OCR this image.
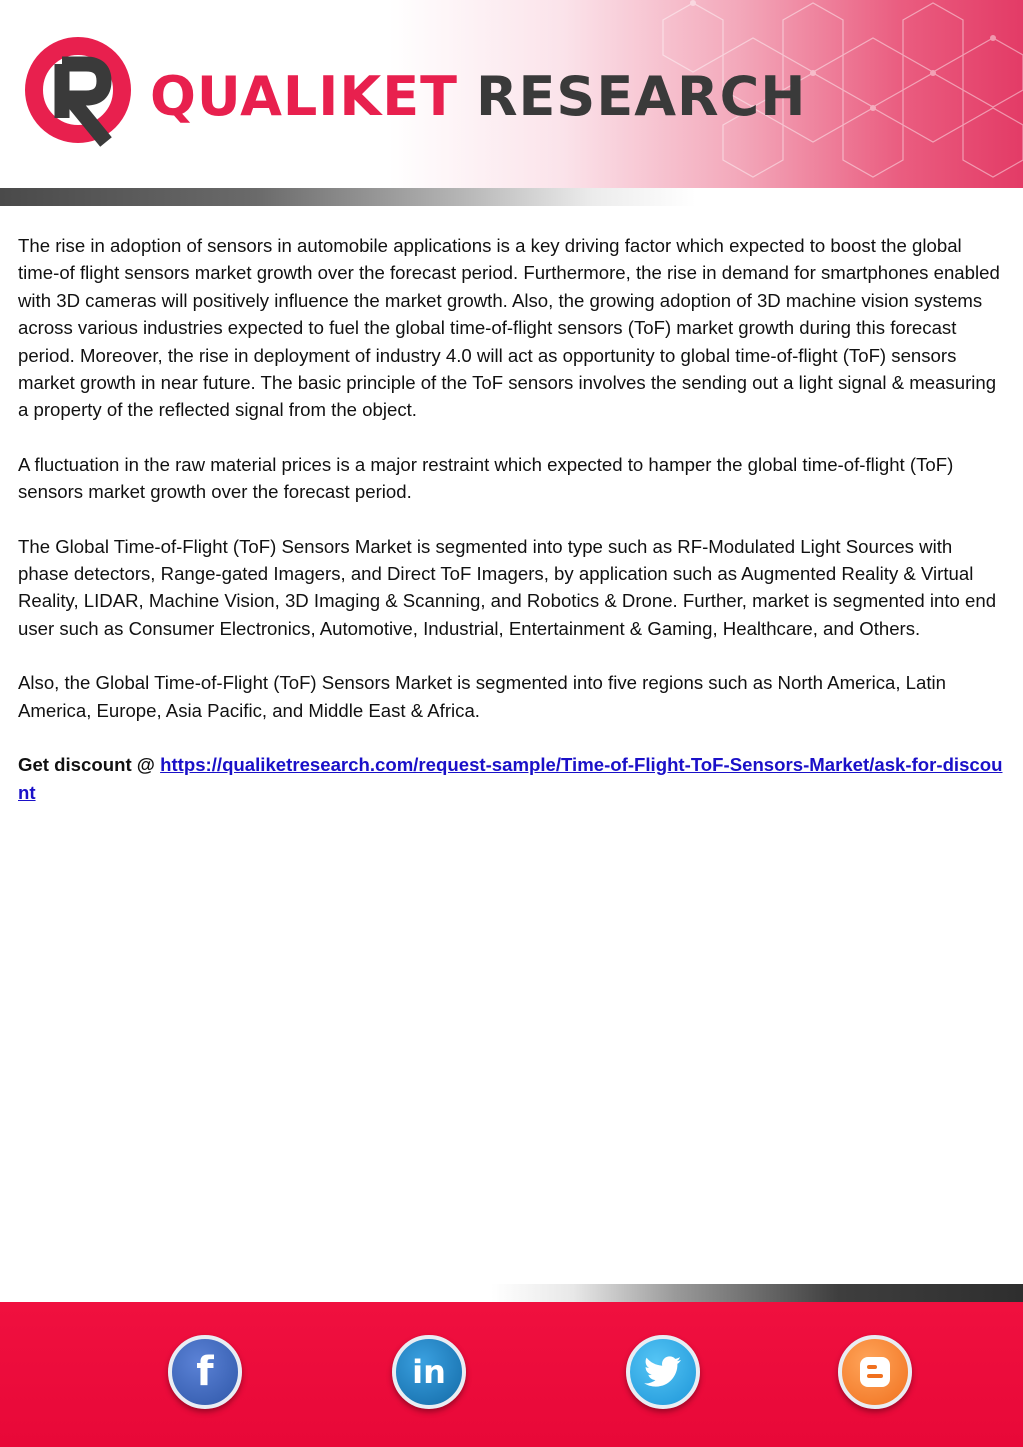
QUALIKET RESEARCH

The rise in adoption of sensors in automobile applications is a key driving factor which expected to boost the global time-of flight sensors market growth over the forecast period. Furthermore, the rise in demand for smartphones enabled with 3D cameras will positively influence the market growth. Also, the growing adoption of 3D machine vision systems across various industries expected to fuel the global time-of-flight sensors (ToF) market growth during this forecast period. Moreover, the rise in deployment of industry 4.0 will act as opportunity to global time-of-flight (ToF) sensors market growth in near future. The basic principle of the ToF sensors involves the sending out a light signal & measuring a property of the reflected signal from the object.

A fluctuation in the raw material prices is a major restraint which expected to hamper the global time-of-flight (ToF) sensors market growth over the forecast period.

The Global Time-of-Flight (ToF) Sensors Market is segmented into type such as RF-Modulated Light Sources with phase detectors, Range-gated Imagers, and Direct ToF Imagers, by application such as Augmented Reality & Virtual Reality, LIDAR, Machine Vision, 3D Imaging & Scanning, and Robotics & Drone. Further, market is segmented into end user such as Consumer Electronics, Automotive, Industrial, Entertainment & Gaming, Healthcare, and Others.

Also, the Global Time-of-Flight (ToF) Sensors Market is segmented into five regions such as North America, Latin America, Europe, Asia Pacific, and Middle East & Africa.

Get discount @ https://qualiketresearch.com/request-sample/Time-of-Flight-ToF-Sensors-Market/ask-for-discount

f	in
